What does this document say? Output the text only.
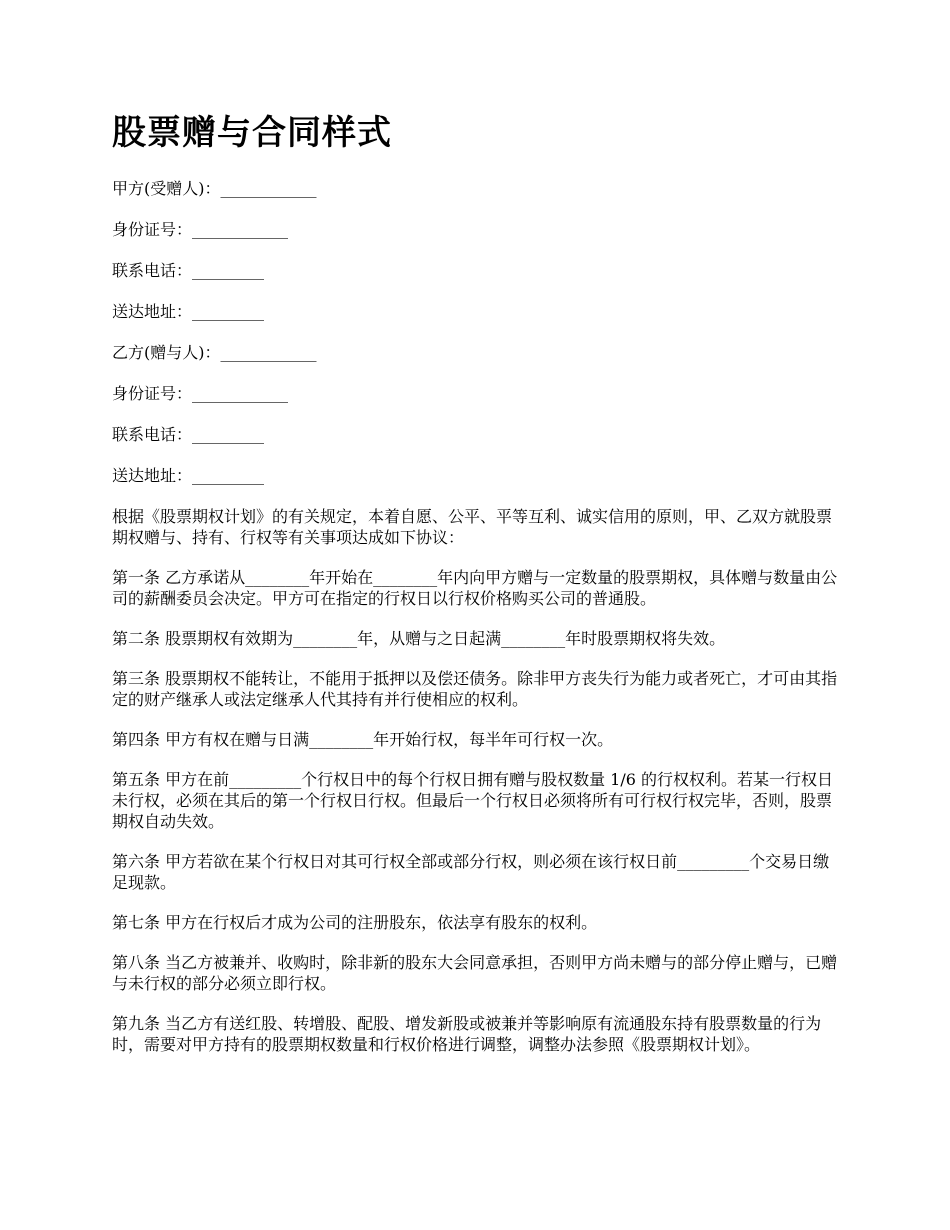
股票赠与合同样式

甲方(受赠人)：____________

身份证号：____________

联系电话：_________

送达地址：_________

乙方(赠与人)：____________

身份证号：____________

联系电话：_________

送达地址：_________

根据《股票期权计划》的有关规定，本着自愿、公平、平等互利、诚实信用的原则，甲、乙双方就股票期权赠与、持有、行权等有关事项达成如下协议：

第一条 乙方承诺从________年开始在________年内向甲方赠与一定数量的股票期权，具体赠与数量由公司的薪酬委员会决定。甲方可在指定的行权日以行权价格购买公司的普通股。

第二条 股票期权有效期为________年，从赠与之日起满________年时股票期权将失效。

第三条 股票期权不能转让，不能用于抵押以及偿还债务。除非甲方丧失行为能力或者死亡，才可由其指定的财产继承人或法定继承人代其持有并行使相应的权利。

第四条 甲方有权在赠与日满________年开始行权，每半年可行权一次。

第五条 甲方在前_________个行权日中的每个行权日拥有赠与股权数量 1/6 的行权权利。若某一行权日未行权，必须在其后的第一个行权日行权。但最后一个行权日必须将所有可行权行权完毕，否则，股票期权自动失效。

第六条 甲方若欲在某个行权日对其可行权全部或部分行权，则必须在该行权日前_________个交易日缴足现款。

第七条 甲方在行权后才成为公司的注册股东，依法享有股东的权利。

第八条 当乙方被兼并、收购时，除非新的股东大会同意承担，否则甲方尚未赠与的部分停止赠与，已赠与未行权的部分必须立即行权。

第九条 当乙方有送红股、转增股、配股、增发新股或被兼并等影响原有流通股东持有股票数量的行为时，需要对甲方持有的股票期权数量和行权价格进行调整，调整办法参照《股票期权计划》。
